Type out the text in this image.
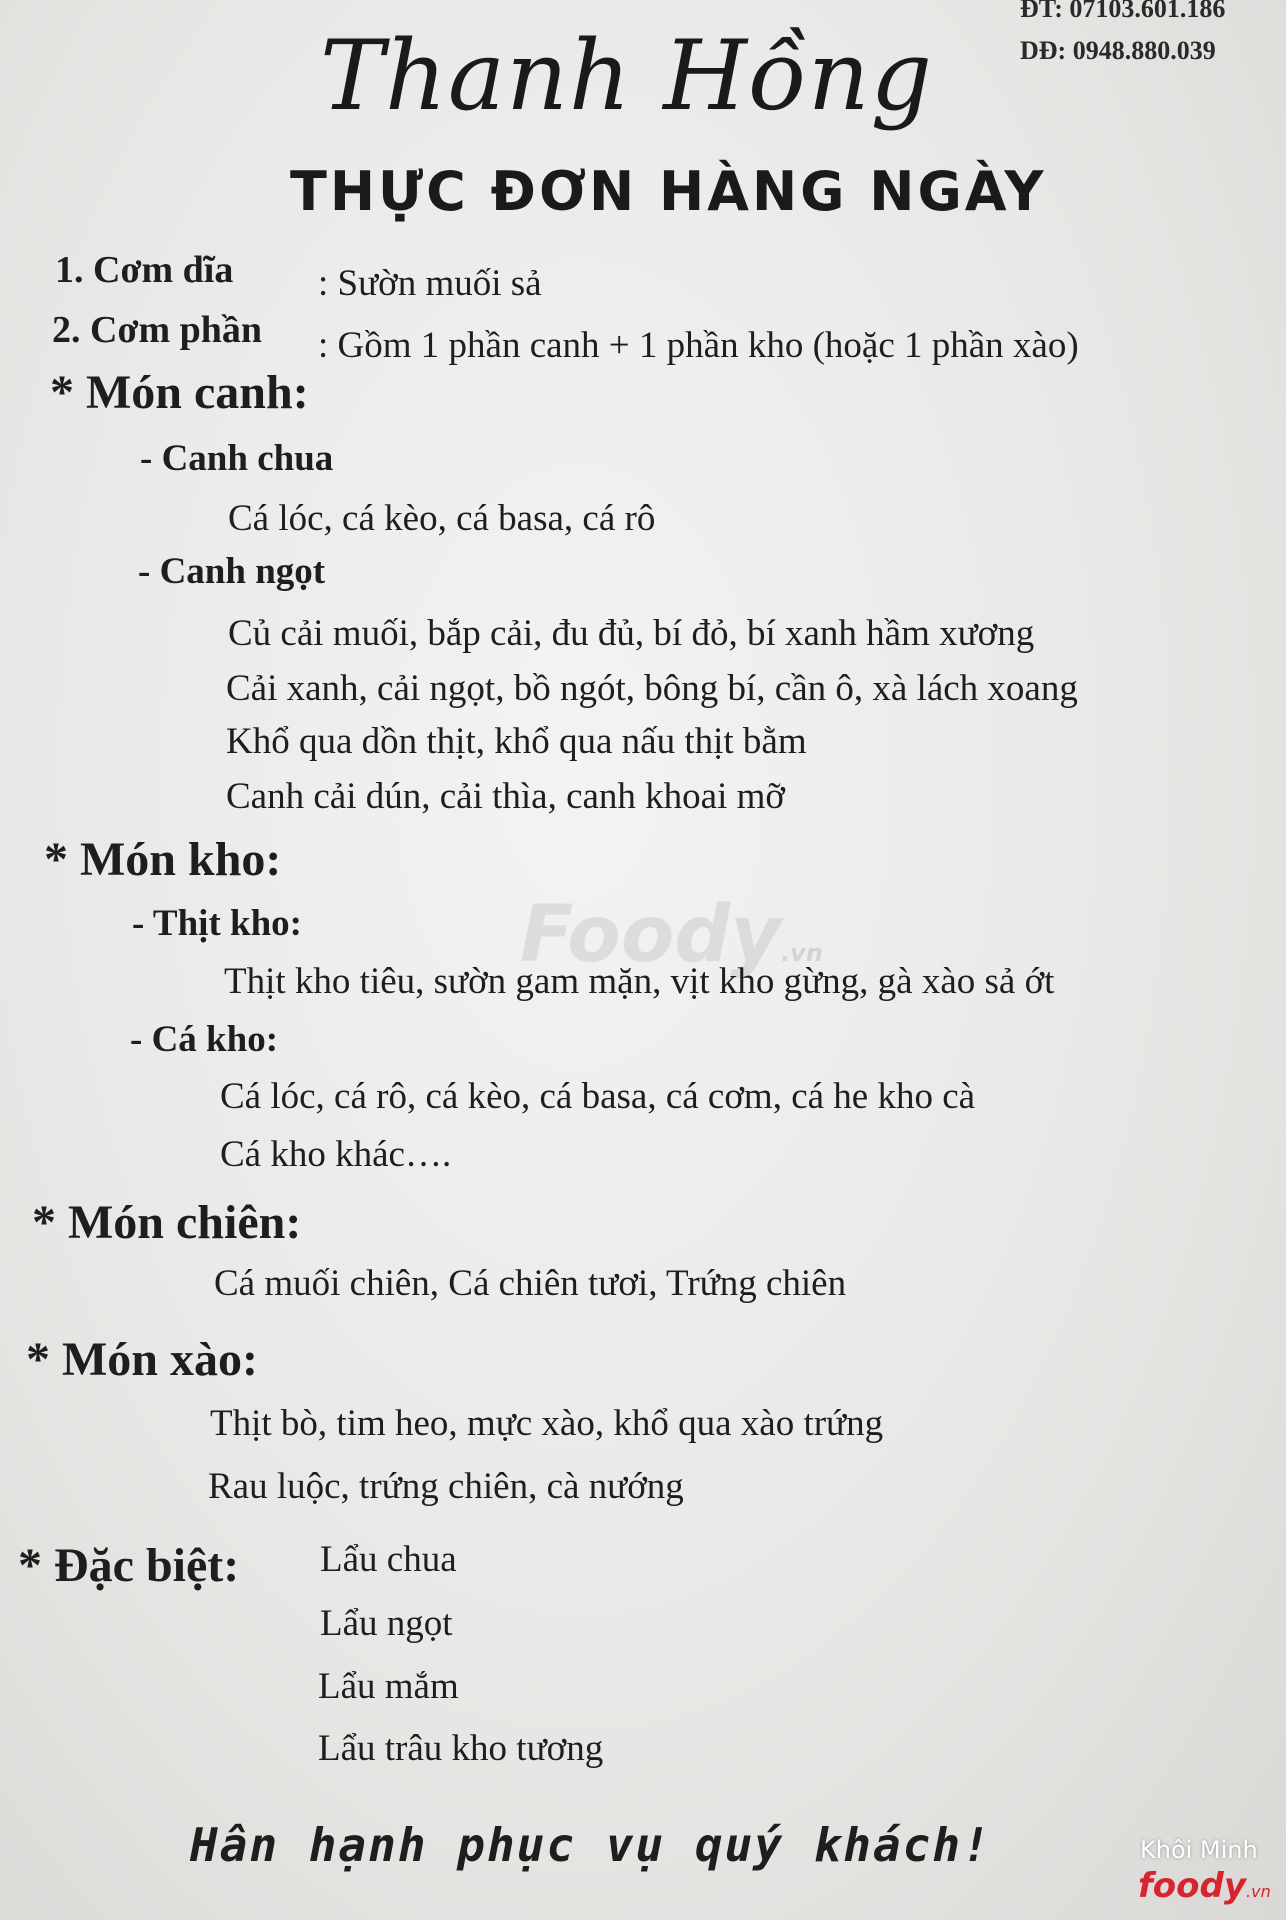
Foody.vn
ĐT: 07103.601.186
DĐ: 0948.880.039
Thanh Hồng
THỰC ĐƠN HÀNG NGÀY
1. Cơm dĩa : Sườn muối sả
2. Cơm phần : Gồm 1 phần canh + 1 phần kho (hoặc 1 phần xào)
* Món canh:
- Canh chua
Cá lóc, cá kèo, cá basa, cá rô
- Canh ngọt
Củ cải muối, bắp cải, đu đủ, bí đỏ, bí xanh hầm xương
Cải xanh, cải ngọt, bồ ngót, bông bí, cần ô, xà lách xoang
Khổ qua dồn thịt, khổ qua nấu thịt bằm
Canh cải dún, cải thìa, canh khoai mỡ
* Món kho:
- Thịt kho:
Thịt kho tiêu, sườn gam mặn, vịt kho gừng, gà xào sả ớt
- Cá kho:
Cá lóc, cá rô, cá kèo, cá basa, cá cơm, cá he kho cà
Cá kho khác….
* Món chiên:
Cá muối chiên, Cá chiên tươi, Trứng chiên
* Món xào:
Thịt bò, tim heo, mực xào, khổ qua xào trứng
Rau luộc, trứng chiên, cà nướng
* Đặc biệt: Lẩu chua
Lẩu ngọt
Lẩu mắm
Lẩu trâu kho tương
Hân hạnh phục vụ quý khách!	Khôi Minh
foody.vn
